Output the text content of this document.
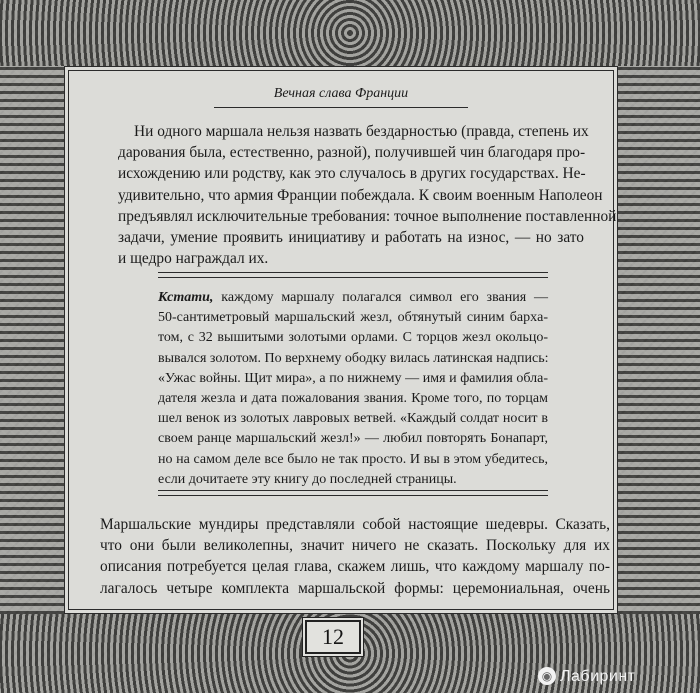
Вечная слава Франции
Ни одного маршала нельзя назвать бездарностью (правда, степень их
дарования была, естественно, разной), получившей чин благодаря про-
исхождению или родству, как это случалось в других государствах. Не-
удивительно, что армия Франции побеждала. К своим военным Наполеон
предъявлял исключительные требования: точное выполнение поставленной
задачи, умение проявить инициативу и работать на износ, — но зато
и щедро награждал их.
Кстати, каждому маршалу полагался символ его звания —
50-сантиметровый маршальский жезл, обтянутый синим бархa-
том, с 32 вышитыми золотыми орлами. С торцов жезл окольцо-
вывался золотом. По верхнему ободку вилась латинская надпись:
«Ужас войны. Щит мира», а по нижнему — имя и фамилия обла-
дателя жезла и дата пожалования звания. Кроме того, по торцам
шел венок из золотых лавровых ветвей. «Каждый солдат носит в
своем ранце маршальский жезл!» — любил повторять Бонапарт,
но на самом деле все было не так просто. И вы в этом убедитесь,
если дочитаете эту книгу до последней страницы.
Маршальские мундиры представляли собой настоящие шедевры. Сказать,
что они были великолепны, значит ничего не сказать. Поскольку для их
описания потребуется целая глава, скажем лишь, что каждому маршалу по-
лагалось четыре комплекта маршальской формы: церемониальная, очень
12
◉ Лабиринт
